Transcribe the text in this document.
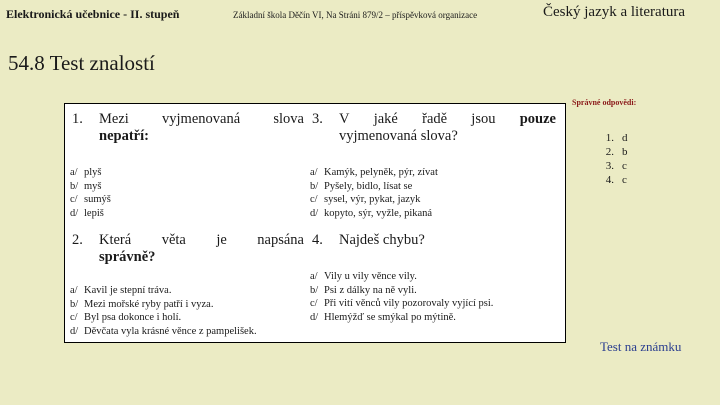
Elektronická učebnice - II. stupeň	Základní škola Děčín VI, Na Stráni 879/2 – příspěvková organizace	Český jazyk a literatura
54.8 Test znalostí
1. Mezi vyjmenovaná slova
nepatří:
a/ plyš
b/ myš
c/ sumýš
d/ lepiš
3. V jaké řadě jsou pouze
vyjmenovaná slova?
a/ Kamýk, pelyněk, pýr, zívat
b/ Pyšely, bidlo, lísat se
c/ sysel, výr, pykat, jazyk
d/ kopyto, sýr, vyžle, pikaná
2. Která věta je napsána
správně?
a/ Kavil je stepní tráva.
b/ Mezi mořské ryby patří i vyza.
c/ Byl psa dokonce i holí.
d/ Děvčata vyla krásné věnce z pampelišek.
4. Najdeš chybu?
a/ Vily u vily věnce vily.
b/ Psi z dálky na ně vyli.
c/ Při vití věnců vily pozorovaly vyjící psi.
d/ Hlemýžď se smýkal po mýtině.
Správné odpovědi:
1. d
2. b
3. c
4. c
Test na známku
